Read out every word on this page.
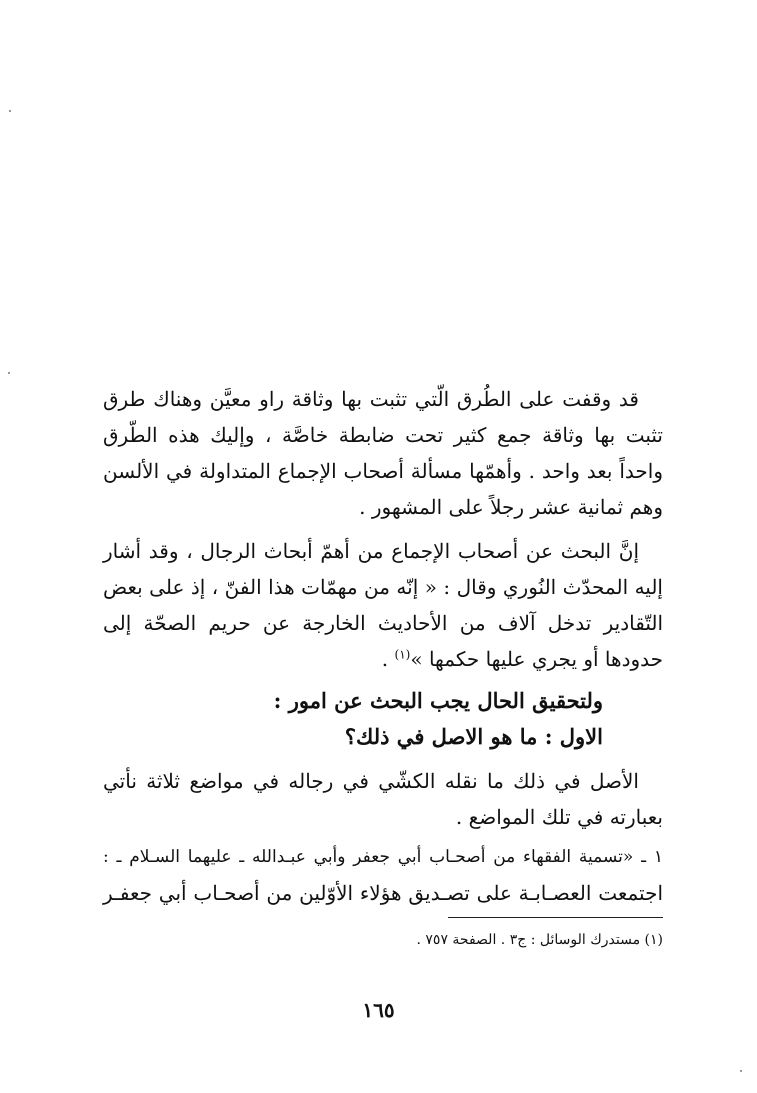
قد وقفت على الطُرق الّتي تثبت بها وثاقة راو معيَّن وهناك طرق تثبت بها وثاقة جمع كثير تحت ضابطة خاصَّة ، وإليك هذه الطّرق واحداً بعد واحد . وأهمّها مسألة أصحاب الإجماع المتداولة في الألسن وهم ثمانية عشر رجلاً على المشهور .

إنَّ البحث عن أصحاب الإجماع من أهمّ أبحاث الرجال ، وقد أشار إليه المحدّث النُوري وقال : « إنّه من مهمّات هذا الفنّ ، إذ على بعض التّقادير تدخل آلاف من الأحاديث الخارجة عن حريم الصحّة إلى حدودها أو يجري عليها حكمها »$^{(١)}$ .

ولتحقيق الحال يجب البحث عن امور :

الاول : ما هو الاصل في ذلك؟

الأصل في ذلك ما نقله الكشّي في رجاله في مواضع ثلاثة نأتي بعبارته في تلك المواضع .

١ ـ «تسمية الفقهاء من أصحـاب أبي جعفر وأبي عبـدالله ـ عليهما السـلام ـ :

اجتمعت العصـابـة على تصـديق هؤلاء الأوّلين من أصحـاب أبي جعفـر

(١) مستدرك الوسائل : ج٣ . الصفحة ٧٥٧ .
١٦٥
